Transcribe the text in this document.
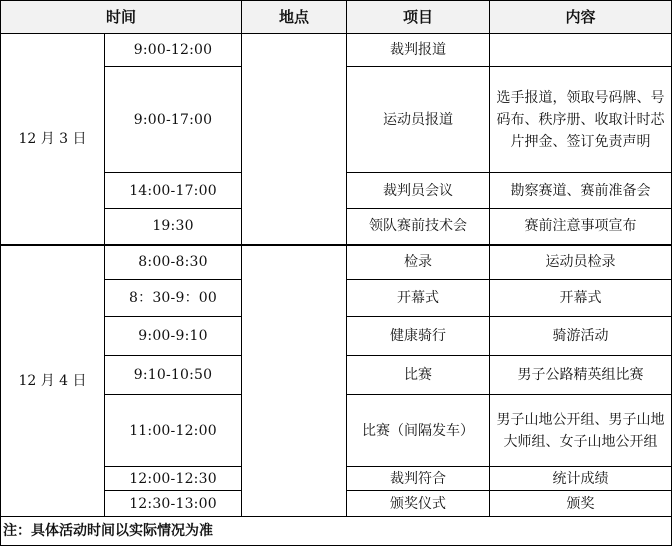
时间		地点	项目	内容
12 月 3 日	9:00-12:00		裁判报道	
	9:00-17:00		运动员报道	选手报道，领取号码牌、号码布、秩序册、收取计时芯片押金、签订免责声明
	14:00-17:00		裁判员会议	勘察赛道、赛前准备会
	19:30		领队赛前技术会	赛前注意事项宣布
12 月 4 日	8:00-8:30		检录	运动员检录
	8：30-9：00		开幕式	开幕式
	9:00-9:10		健康骑行	骑游活动
	9:10-10:50		比赛	男子公路精英组比赛
	11:00-12:00		比赛（间隔发车）	男子山地公开组、男子山地大师组、女子山地公开组
	12:00-12:30		裁判符合	统计成绩
	12:30-13:00		颁奖仪式	颁奖
注：具体活动时间以实际情况为准				
